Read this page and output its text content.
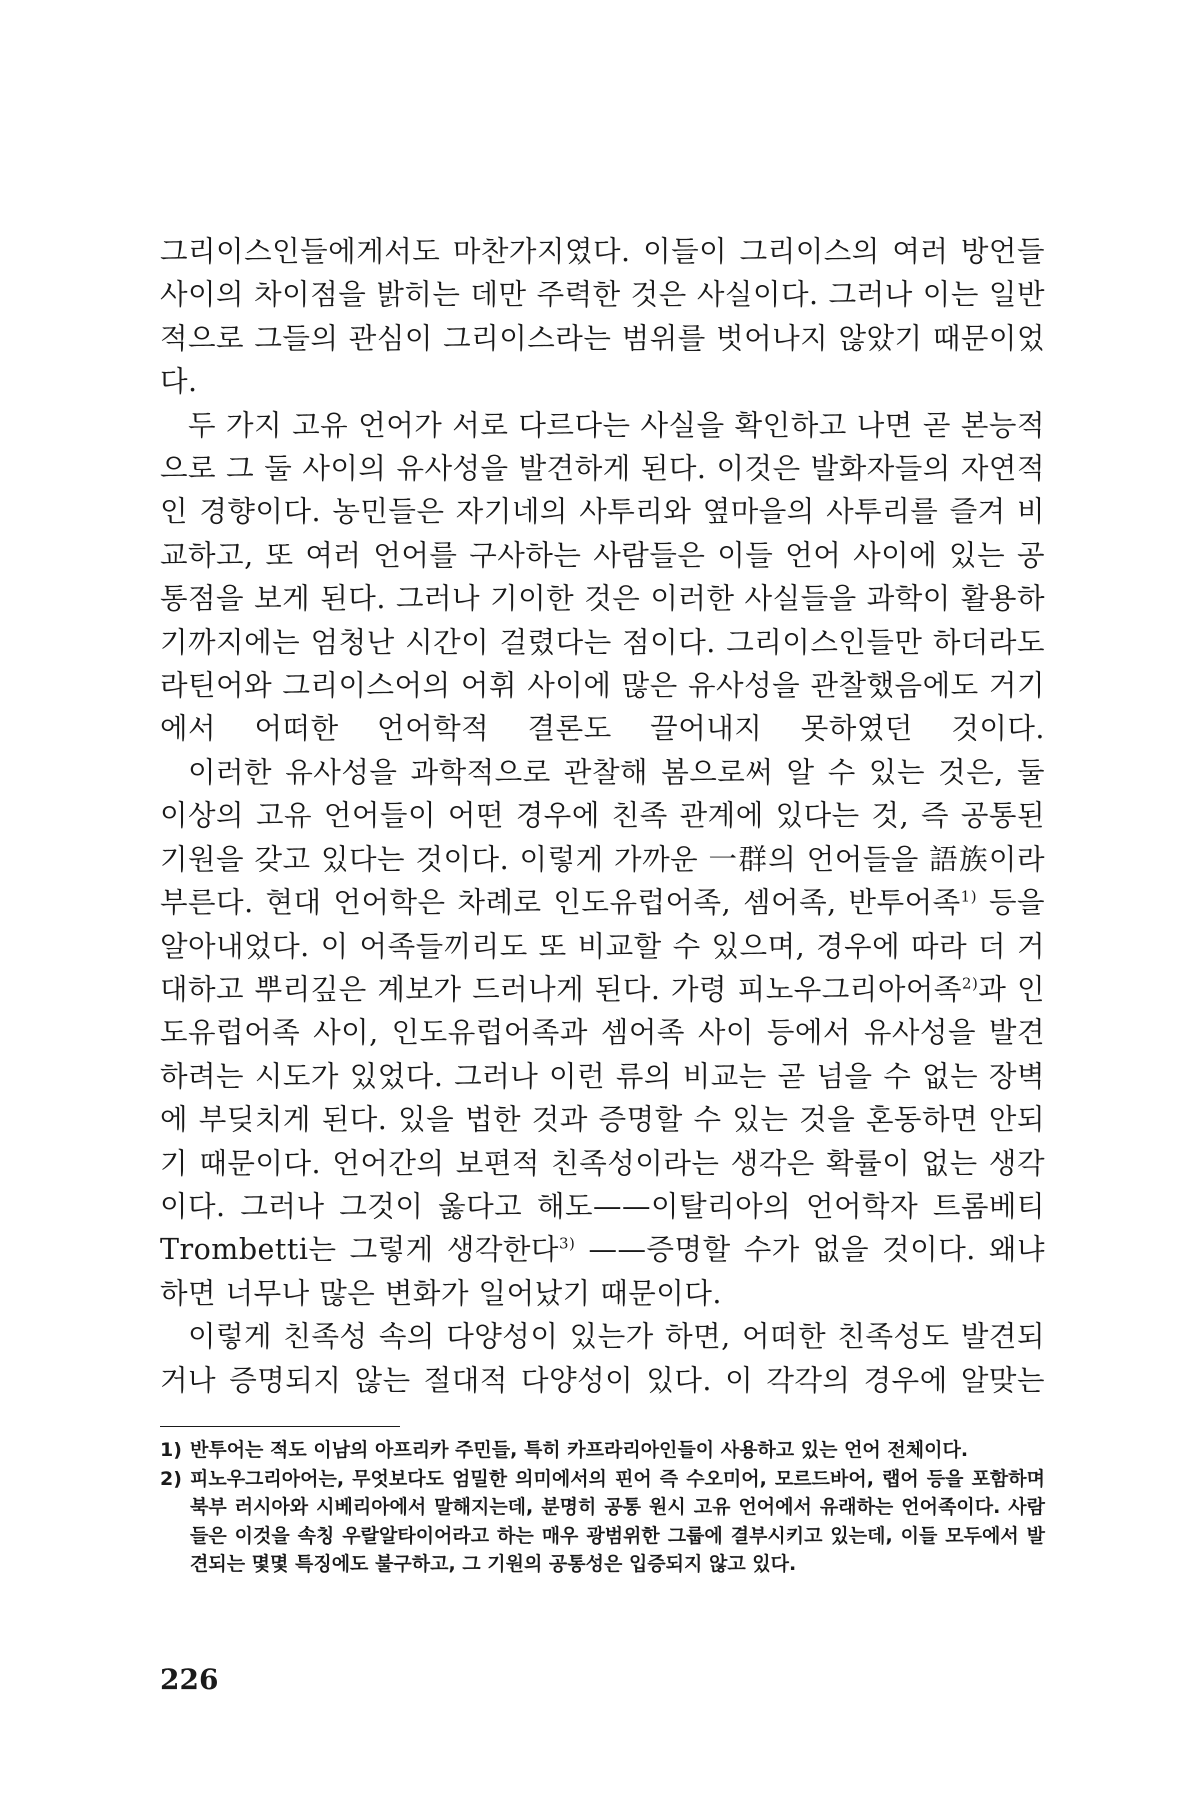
그리이스인들에게서도 마찬가지였다. 이들이 그리이스의 여러 방언들 사이의 차이점을 밝히는 데만 주력한 것은 사실이다. 그러나 이는 일반적으로 그들의 관심이 그리이스라는 범위를 벗어나지 않았기 때문이었다.

두 가지 고유 언어가 서로 다르다는 사실을 확인하고 나면 곧 본능적으로 그 둘 사이의 유사성을 발견하게 된다. 이것은 발화자들의 자연적인 경향이다. 농민들은 자기네의 사투리와 옆마을의 사투리를 즐겨 비교하고, 또 여러 언어를 구사하는 사람들은 이들 언어 사이에 있는 공통점을 보게 된다. 그러나 기이한 것은 이러한 사실들을 과학이 활용하기까지에는 엄청난 시간이 걸렸다는 점이다. 그리이스인들만 하더라도 라틴어와 그리이스어의 어휘 사이에 많은 유사성을 관찰했음에도 거기에서 어떠한 언어학적 결론도 끌어내지 못하였던 것이다.

이러한 유사성을 과학적으로 관찰해 봄으로써 알 수 있는 것은, 둘 이상의 고유 언어들이 어떤 경우에 친족 관계에 있다는 것, 즉 공통된 기원을 갖고 있다는 것이다. 이렇게 가까운 一群의 언어들을 語族이라 부른다. 현대 언어학은 차례로 인도유럽어족, 셈어족, 반투어족$^{1)}$ 등을 알아내었다. 이 어족들끼리도 또 비교할 수 있으며, 경우에 따라 더 거대하고 뿌리깊은 계보가 드러나게 된다. 가령 피노우그리아어족$^{2)}$과 인도유럽어족 사이, 인도유럽어족과 셈어족 사이 등에서 유사성을 발견하려는 시도가 있었다. 그러나 이런 류의 비교는 곧 넘을 수 없는 장벽에 부딪치게 된다. 있을 법한 것과 증명할 수 있는 것을 혼동하면 안되기 때문이다. 언어간의 보편적 친족성이라는 생각은 확률이 없는 생각이다. 그러나 그것이 옳다고 해도——이탈리아의 언어학자 트롬베티 Trombetti는 그렇게 생각한다$^{3)}$ ——증명할 수가 없을 것이다. 왜냐하면 너무나 많은 변화가 일어났기 때문이다.

이렇게 친족성 속의 다양성이 있는가 하면, 어떠한 친족성도 발견되거나 증명되지 않는 절대적 다양성이 있다. 이 각각의 경우에 알맞는

1) 반투어는 적도 이남의 아프리카 주민들, 특히 카프라리아인들이 사용하고 있는 언어 전체이다.

2) 피노우그리아어는, 무엇보다도 엄밀한 의미에서의 핀어 즉 수오미어, 모르드바어, 랩어 등을 포함하며 북부 러시아와 시베리아에서 말해지는데, 분명히 공통 원시 고유 언어에서 유래하는 언어족이다. 사람들은 이것을 속칭 우랄알타이어라고 하는 매우 광범위한 그룹에 결부시키고 있는데, 이들 모두에서 발견되는 몇몇 특징에도 불구하고, 그 기원의 공통성은 입증되지 않고 있다.

226
